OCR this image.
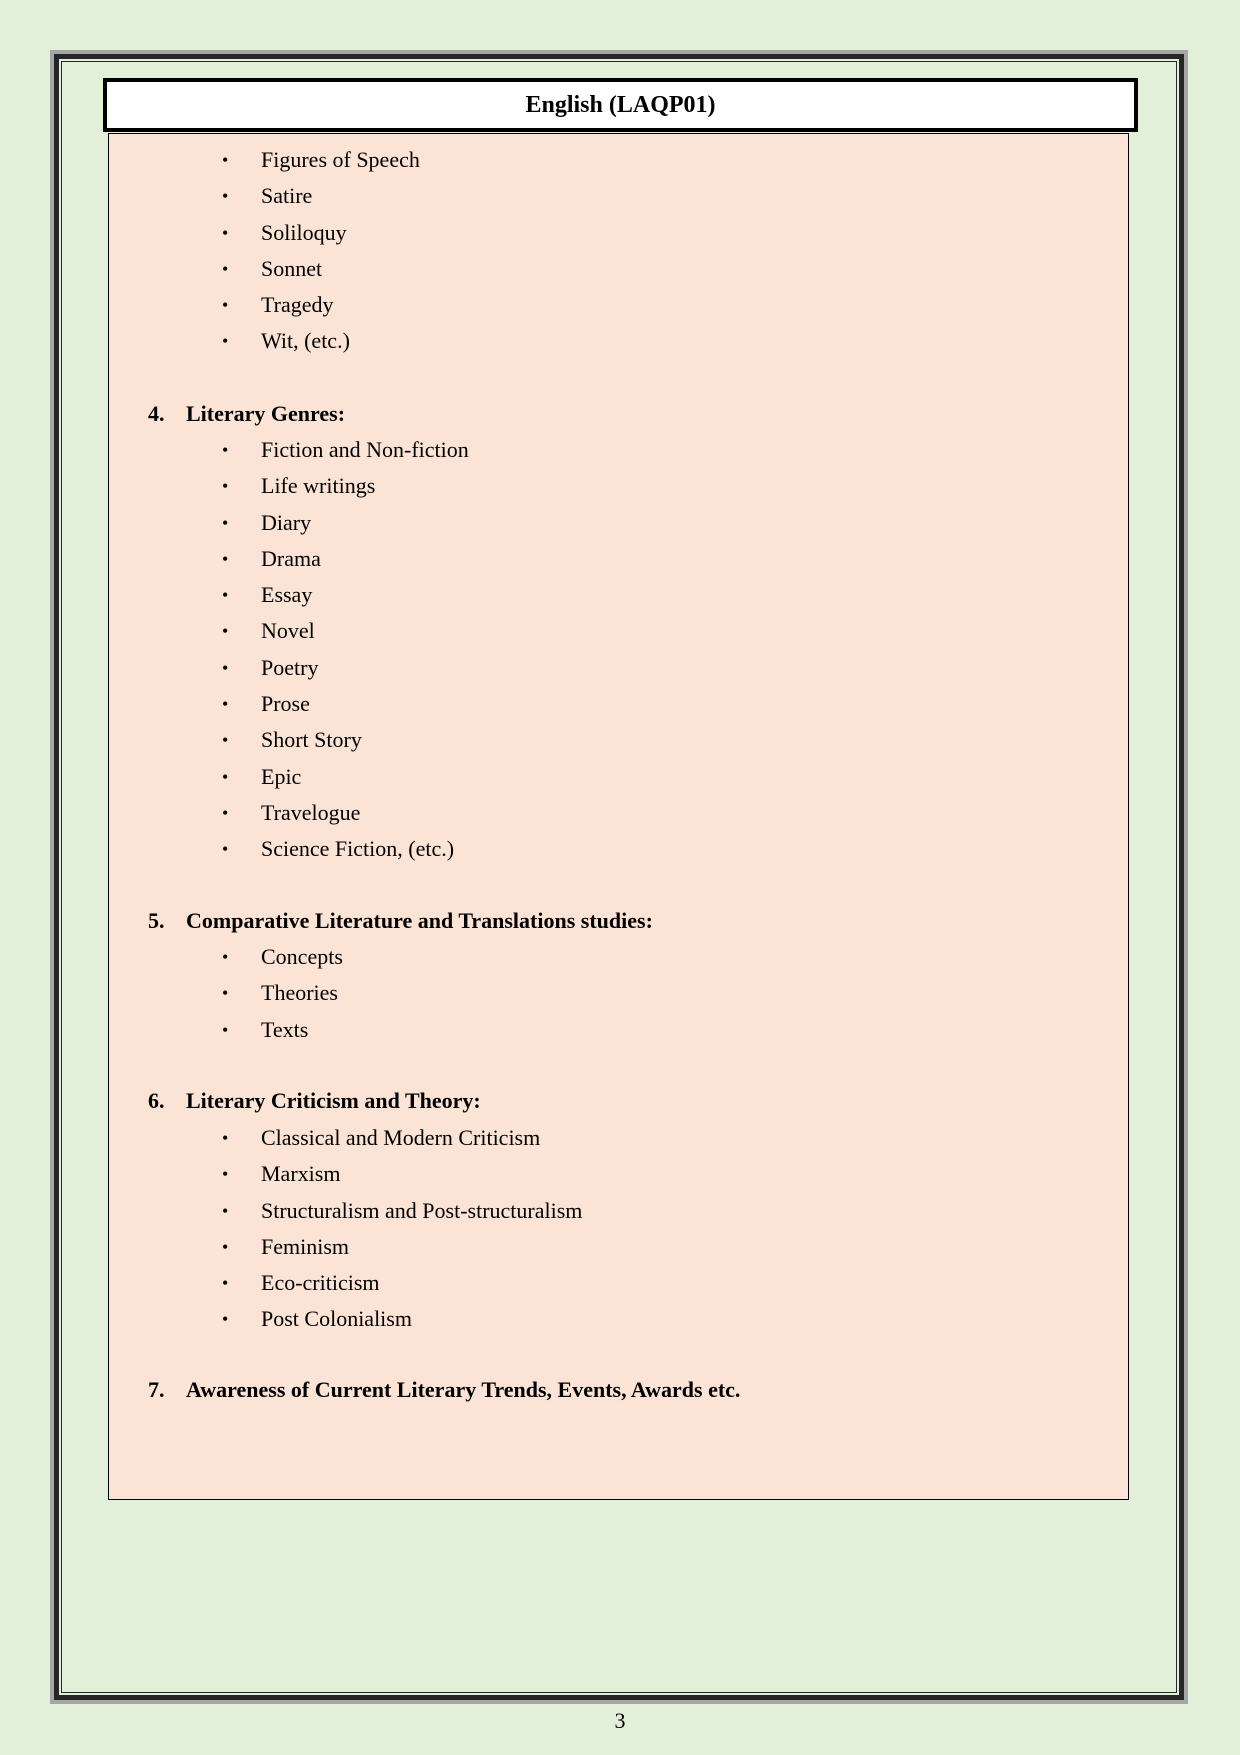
English (LAQP01)
• Figures of Speech
• Satire
• Soliloquy
• Sonnet
• Tragedy
• Wit, (etc.)
4. Literary Genres:
• Fiction and Non-fiction
• Life writings
• Diary
• Drama
• Essay
• Novel
• Poetry
• Prose
• Short Story
• Epic
• Travelogue
• Science Fiction, (etc.)
5. Comparative Literature and Translations studies:
• Concepts
• Theories
• Texts
6. Literary Criticism and Theory:
• Classical and Modern Criticism
• Marxism
• Structuralism and Post-structuralism
• Feminism
• Eco-criticism
• Post Colonialism
7. Awareness of Current Literary Trends, Events, Awards etc.
3
